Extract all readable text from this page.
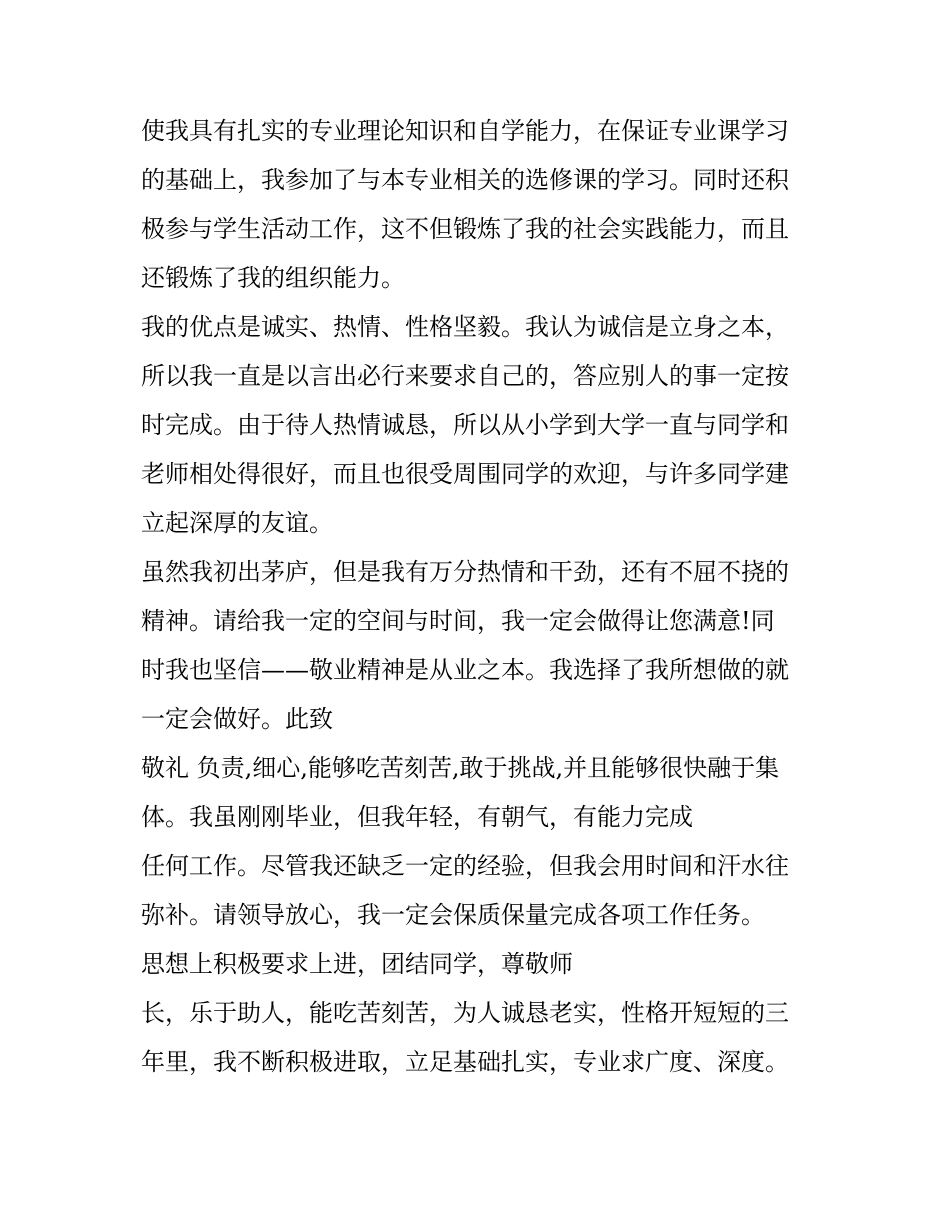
使我具有扎实的专业理论知识和自学能力，在保证专业课学习
的基础上，我参加了与本专业相关的选修课的学习。同时还积
极参与学生活动工作，这不但锻炼了我的社会实践能力，而且
还锻炼了我的组织能力。
我的优点是诚实、热情、性格坚毅。我认为诚信是立身之本，
所以我一直是以言出必行来要求自己的，答应别人的事一定按
时完成。由于待人热情诚恳，所以从小学到大学一直与同学和
老师相处得很好，而且也很受周围同学的欢迎，与许多同学建
立起深厚的友谊。
虽然我初出茅庐，但是我有万分热情和干劲，还有不屈不挠的
精神。请给我一定的空间与时间，我一定会做得让您满意!同
时我也坚信——敬业精神是从业之本。我选择了我所想做的就
一定会做好。此致
敬礼 负责,细心,能够吃苦刻苦,敢于挑战,并且能够很快融于集
体。我虽刚刚毕业，但我年轻，有朝气，有能力完成
任何工作。尽管我还缺乏一定的经验，但我会用时间和汗水往
弥补。请领导放心，我一定会保质保量完成各项工作任务。
思想上积极要求上进，团结同学，尊敬师
长，乐于助人，能吃苦刻苦，为人诚恳老实，性格开短短的三
年里，我不断积极进取，立足基础扎实，专业求广度、深度。
